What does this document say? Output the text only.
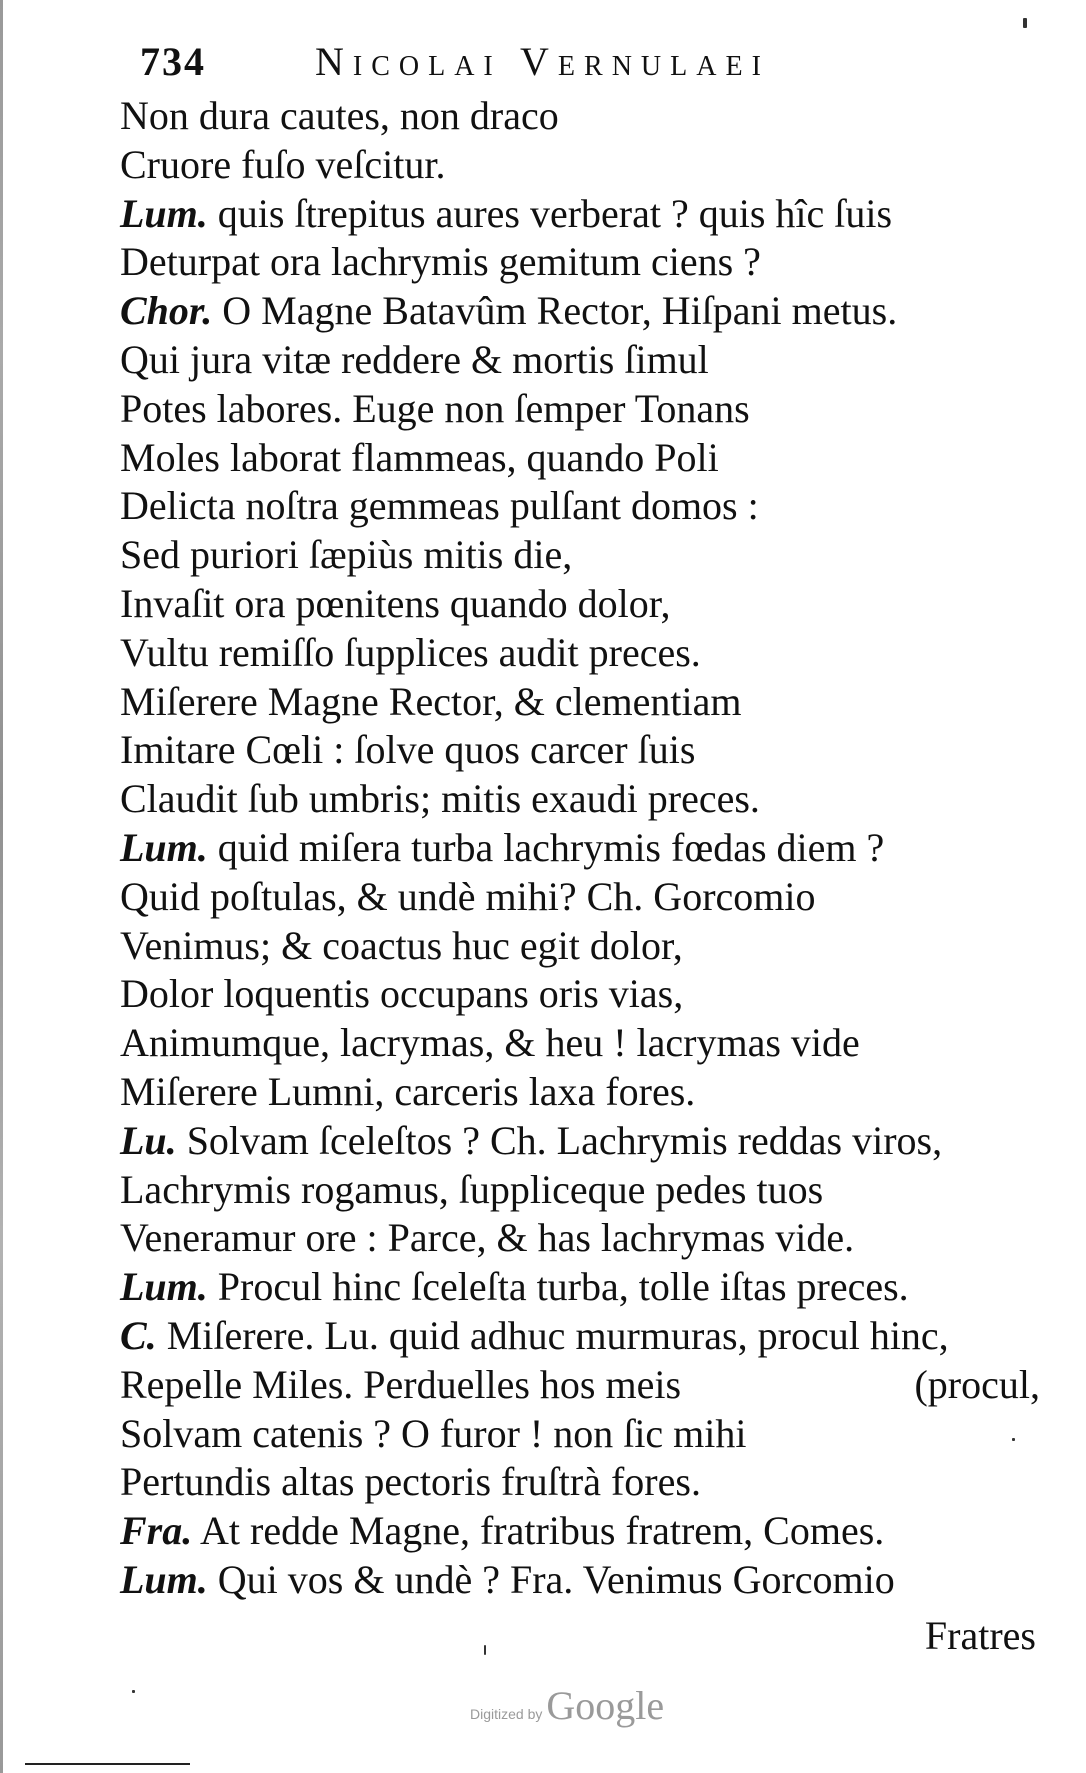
734	Nicolai Vernulaei
Non dura cautes, non draco
Cruore fuſo veſcitur.
Lum. quis ſtrepitus aures verberat ? quis hîc ſuis
Deturpat ora lachrymis gemitum ciens ?
Chor. O Magne Batavûm Rector, Hiſpani metus.
Qui jura vitæ reddere & mortis ſimul
Potes labores. Euge non ſemper Tonans
Moles laborat flammeas, quando Poli
Delicta noſtra gemmeas pulſant domos :
Sed puriori ſæpiùs mitis die,
Invaſit ora pœnitens quando dolor,
Vultu remiſſo ſupplices audit preces.
Miſerere Magne Rector, & clementiam
Imitare Cœli : ſolve quos carcer ſuis
Claudit ſub umbris; mitis exaudi preces.
Lum. quid miſera turba lachrymis fœdas diem ?
Quid poſtulas, & undè mihi? Ch. Gorcomio
Venimus; & coactus huc egit dolor,
Dolor loquentis occupans oris vias,
Animumque, lacrymas, & heu ! lacrymas vide
Miſerere Lumni, carceris laxa fores.
Lu. Solvam ſceleſtos ? Ch. Lachrymis reddas viros,
Lachrymis rogamus, ſuppliceque pedes tuos
Veneramur ore : Parce, & has lachrymas vide.
Lum. Procul hinc ſceleſta turba, tolle iſtas preces.
C. Miſerere. Lu. quid adhuc murmuras, procul hinc,
Repelle Miles. Perduelles hos meis	(procul,
Solvam catenis ? O furor ! non ſic mihi
Pertundis altas pectoris fruſtrà fores.
Fra. At redde Magne, fratribus fratrem, Comes.
Lum. Qui vos & undè ? Fra. Venimus Gorcomio
Fratres
Digitized by Google
